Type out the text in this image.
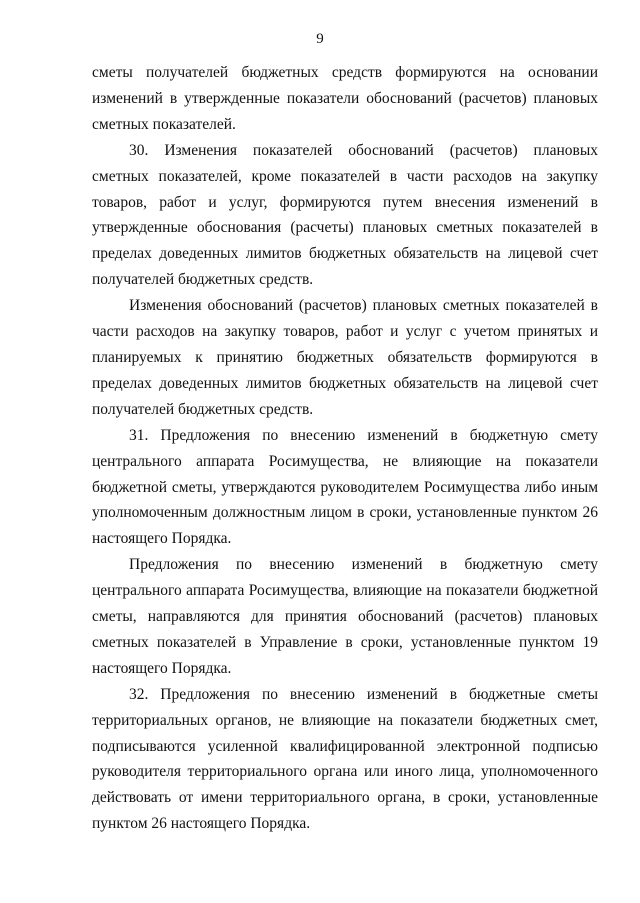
9

сметы получателей бюджетных средств формируются на основании изменений в утвержденные показатели обоснований (расчетов) плановых сметных показателей.

30. Изменения показателей обоснований (расчетов) плановых сметных показателей, кроме показателей в части расходов на закупку товаров, работ и услуг, формируются путем внесения изменений в утвержденные обоснования (расчеты) плановых сметных показателей в пределах доведенных лимитов бюджетных обязательств на лицевой счет получателей бюджетных средств.

Изменения обоснований (расчетов) плановых сметных показателей в части расходов на закупку товаров, работ и услуг с учетом принятых и планируемых к принятию бюджетных обязательств формируются в пределах доведенных лимитов бюджетных обязательств на лицевой счет получателей бюджетных средств.

31. Предложения по внесению изменений в бюджетную смету центрального аппарата Росимущества, не влияющие на показатели бюджетной сметы, утверждаются руководителем Росимущества либо иным уполномоченным должностным лицом в сроки, установленные пунктом 26 настоящего Порядка.

Предложения по внесению изменений в бюджетную смету центрального аппарата Росимущества, влияющие на показатели бюджетной сметы, направляются для принятия обоснований (расчетов) плановых сметных показателей в Управление в сроки, установленные пунктом 19 настоящего Порядка.

32. Предложения по внесению изменений в бюджетные сметы территориальных органов, не влияющие на показатели бюджетных смет, подписываются усиленной квалифицированной электронной подписью руководителя территориального органа или иного лица, уполномоченного действовать от имени территориального органа, в сроки, установленные пунктом 26 настоящего Порядка.
